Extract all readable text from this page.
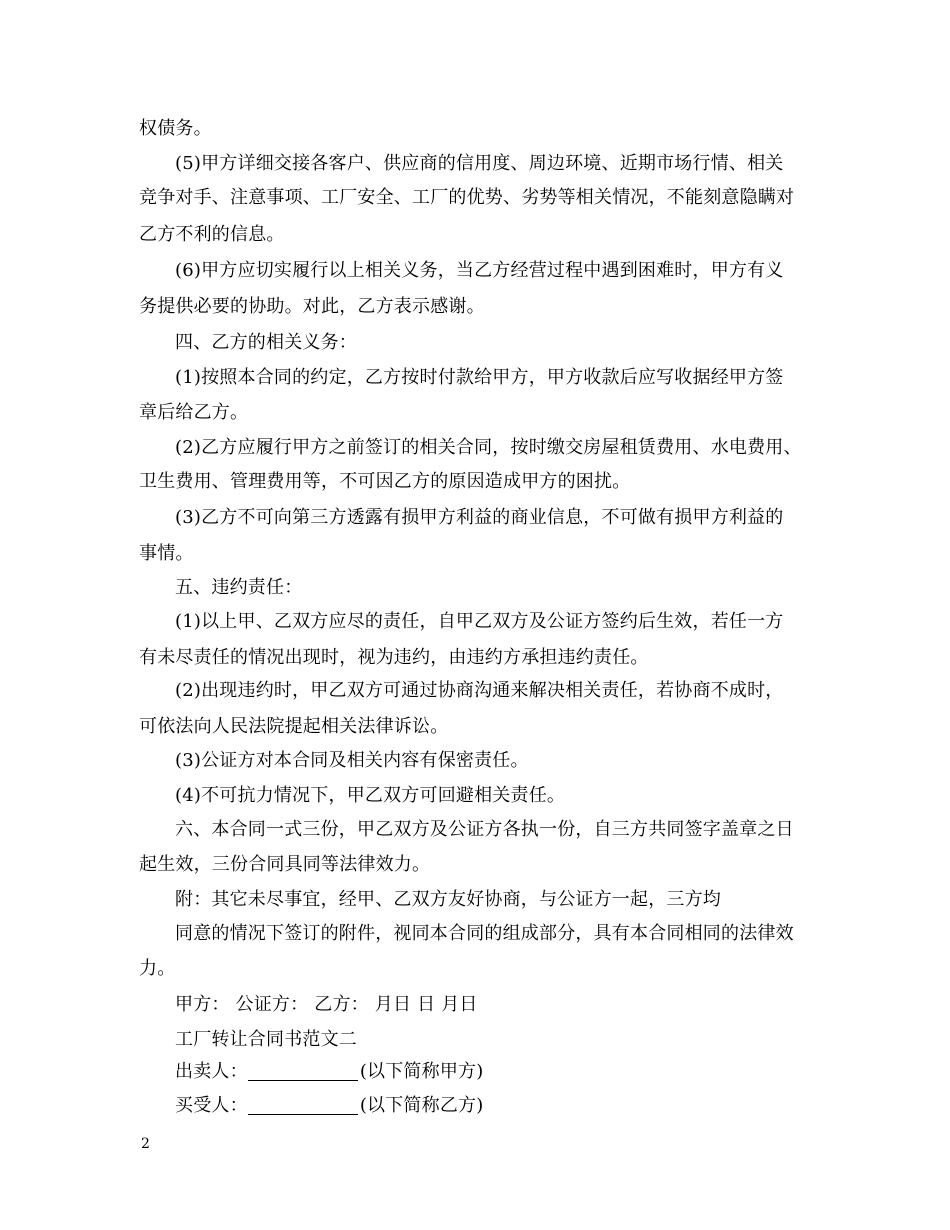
权债务。
(5)甲方详细交接各客户、供应商的信用度、周边环境、近期市场行情、相关
竞争对手、注意事项、工厂安全、工厂的优势、劣势等相关情况，不能刻意隐瞒对
乙方不利的信息。
(6)甲方应切实履行以上相关义务，当乙方经营过程中遇到困难时，甲方有义
务提供必要的协助。对此，乙方表示感谢。
四、乙方的相关义务：
(1)按照本合同的约定，乙方按时付款给甲方，甲方收款后应写收据经甲方签
章后给乙方。
(2)乙方应履行甲方之前签订的相关合同，按时缴交房屋租赁费用、水电费用、
卫生费用、管理费用等，不可因乙方的原因造成甲方的困扰。
(3)乙方不可向第三方透露有损甲方利益的商业信息，不可做有损甲方利益的
事情。
五、违约责任：
(1)以上甲、乙双方应尽的责任，自甲乙双方及公证方签约后生效，若任一方
有未尽责任的情况出现时，视为违约，由违约方承担违约责任。
(2)出现违约时，甲乙双方可通过协商沟通来解决相关责任，若协商不成时，
可依法向人民法院提起相关法律诉讼。
(3)公证方对本合同及相关内容有保密责任。
(4)不可抗力情况下，甲乙双方可回避相关责任。
六、本合同一式三份，甲乙双方及公证方各执一份，自三方共同签字盖章之日
起生效，三份合同具同等法律效力。
附：其它未尽事宜，经甲、乙双方友好协商，与公证方一起，三方均
同意的情况下签订的附件，视同本合同的组成部分，具有本合同相同的法律效
力。
甲方： 公证方： 乙方： 月日 日 月日
工厂转让合同书范文二
出卖人：	(以下简称甲方)
买受人：	(以下简称乙方)
2
